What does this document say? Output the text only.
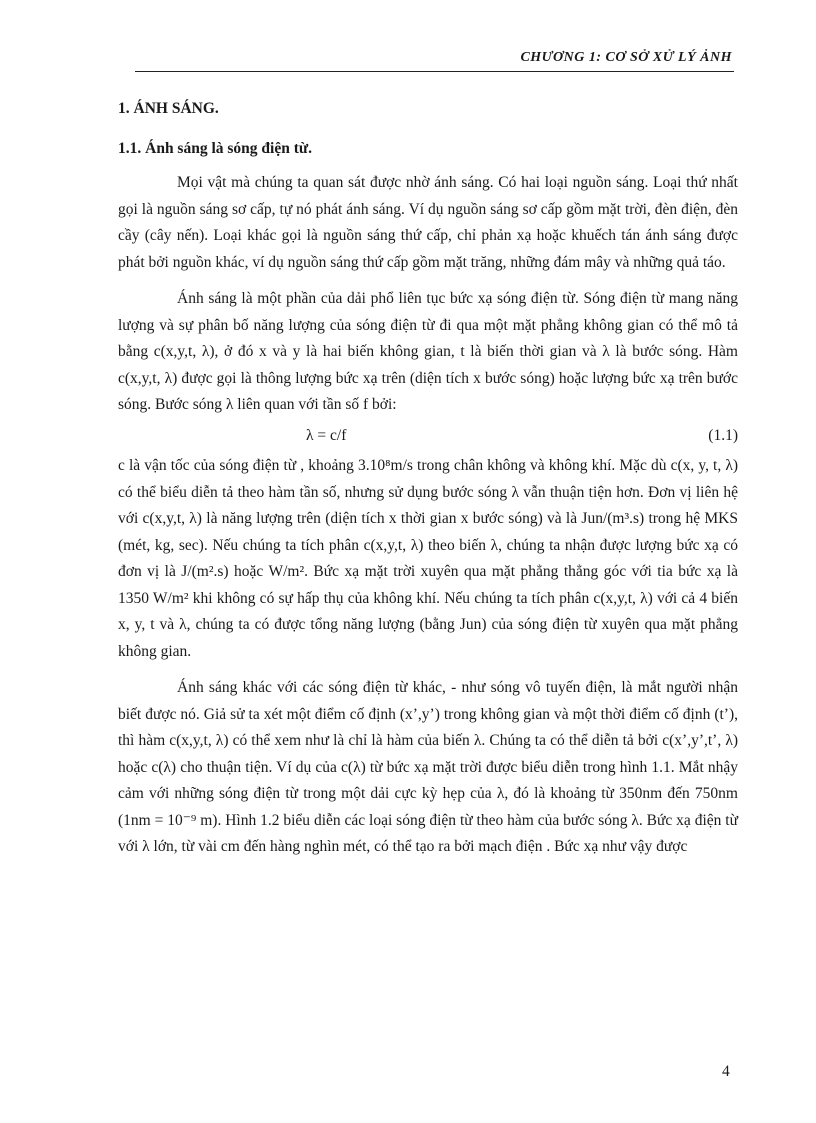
CHƯƠNG 1: CƠ SỞ XỬ LÝ ẢNH
1. ÁNH SÁNG.
1.1. Ánh sáng là sóng điện từ.

Mọi vật mà chúng ta quan sát được nhờ ánh sáng. Có hai loại nguồn sáng. Loại thứ nhất gọi là nguồn sáng sơ cấp, tự nó phát ánh sáng. Ví dụ nguồn sáng sơ cấp gồm mặt trời, đèn điện, đèn cầy (cây nến). Loại khác gọi là nguồn sáng thứ cấp, chỉ phản xạ hoặc khuếch tán ánh sáng được phát bởi nguồn khác, ví dụ nguồn sáng thứ cấp gồm mặt trăng, những đám mây và những quả táo.

Ánh sáng là một phần của dải phổ liên tục bức xạ sóng điện từ. Sóng điện từ mang năng lượng và sự phân bố năng lượng của sóng điện từ đi qua một mặt phẳng không gian có thể mô tả bằng c(x,y,t, λ), ở đó x và y là hai biến không gian, t là biến thời gian và λ là bước sóng. Hàm c(x,y,t, λ) được gọi là thông lượng bức xạ trên (diện tích x bước sóng) hoặc lượng bức xạ trên bước sóng. Bước sóng λ liên quan với tần số f bởi:

λ = c/f	(1.1)

c là vận tốc của sóng điện từ , khoảng 3.10⁸m/s trong chân không và không khí. Mặc dù c(x, y, t, λ) có thể biểu diễn tả theo hàm tần số, nhưng sử dụng bước sóng λ vẫn thuận tiện hơn. Đơn vị liên hệ với c(x,y,t, λ) là năng lượng trên (diện tích x thời gian x bước sóng) và là Jun/(m³.s) trong hệ MKS (mét, kg, sec). Nếu chúng ta tích phân c(x,y,t, λ) theo biến λ, chúng ta nhận được lượng bức xạ có đơn vị là J/(m².s) hoặc W/m². Bức xạ mặt trời xuyên qua mặt phẳng thẳng góc với tia bức xạ là 1350 W/m² khi không có sự hấp thụ của không khí. Nếu chúng ta tích phân c(x,y,t, λ) với cả 4 biến x, y, t và λ, chúng ta có được tổng năng lượng (bằng Jun) của sóng điện từ xuyên qua mặt phẳng không gian.

Ánh sáng khác với các sóng điện từ khác, - như sóng vô tuyến điện, là mắt người nhận biết được nó. Giả sử ta xét một điểm cố định (x’,y’) trong không gian và một thời điểm cố định (t’), thì hàm c(x,y,t, λ) có thể xem như là chỉ là hàm của biến λ. Chúng ta có thể diễn tả bởi c(x’,y’,t’, λ) hoặc c(λ) cho thuận tiện. Ví dụ của c(λ) từ bức xạ mặt trời được biểu diễn trong hình 1.1. Mắt nhậy cảm với những sóng điện từ trong một dải cực kỳ hẹp của λ, đó là khoảng từ 350nm đến 750nm (1nm = 10⁻⁹ m). Hình 1.2 biểu diễn các loại sóng điện từ theo hàm của bước sóng λ. Bức xạ điện từ với λ lớn, từ vài cm đến hàng nghìn mét, có thể tạo ra bởi mạch điện . Bức xạ như vậy được

4
